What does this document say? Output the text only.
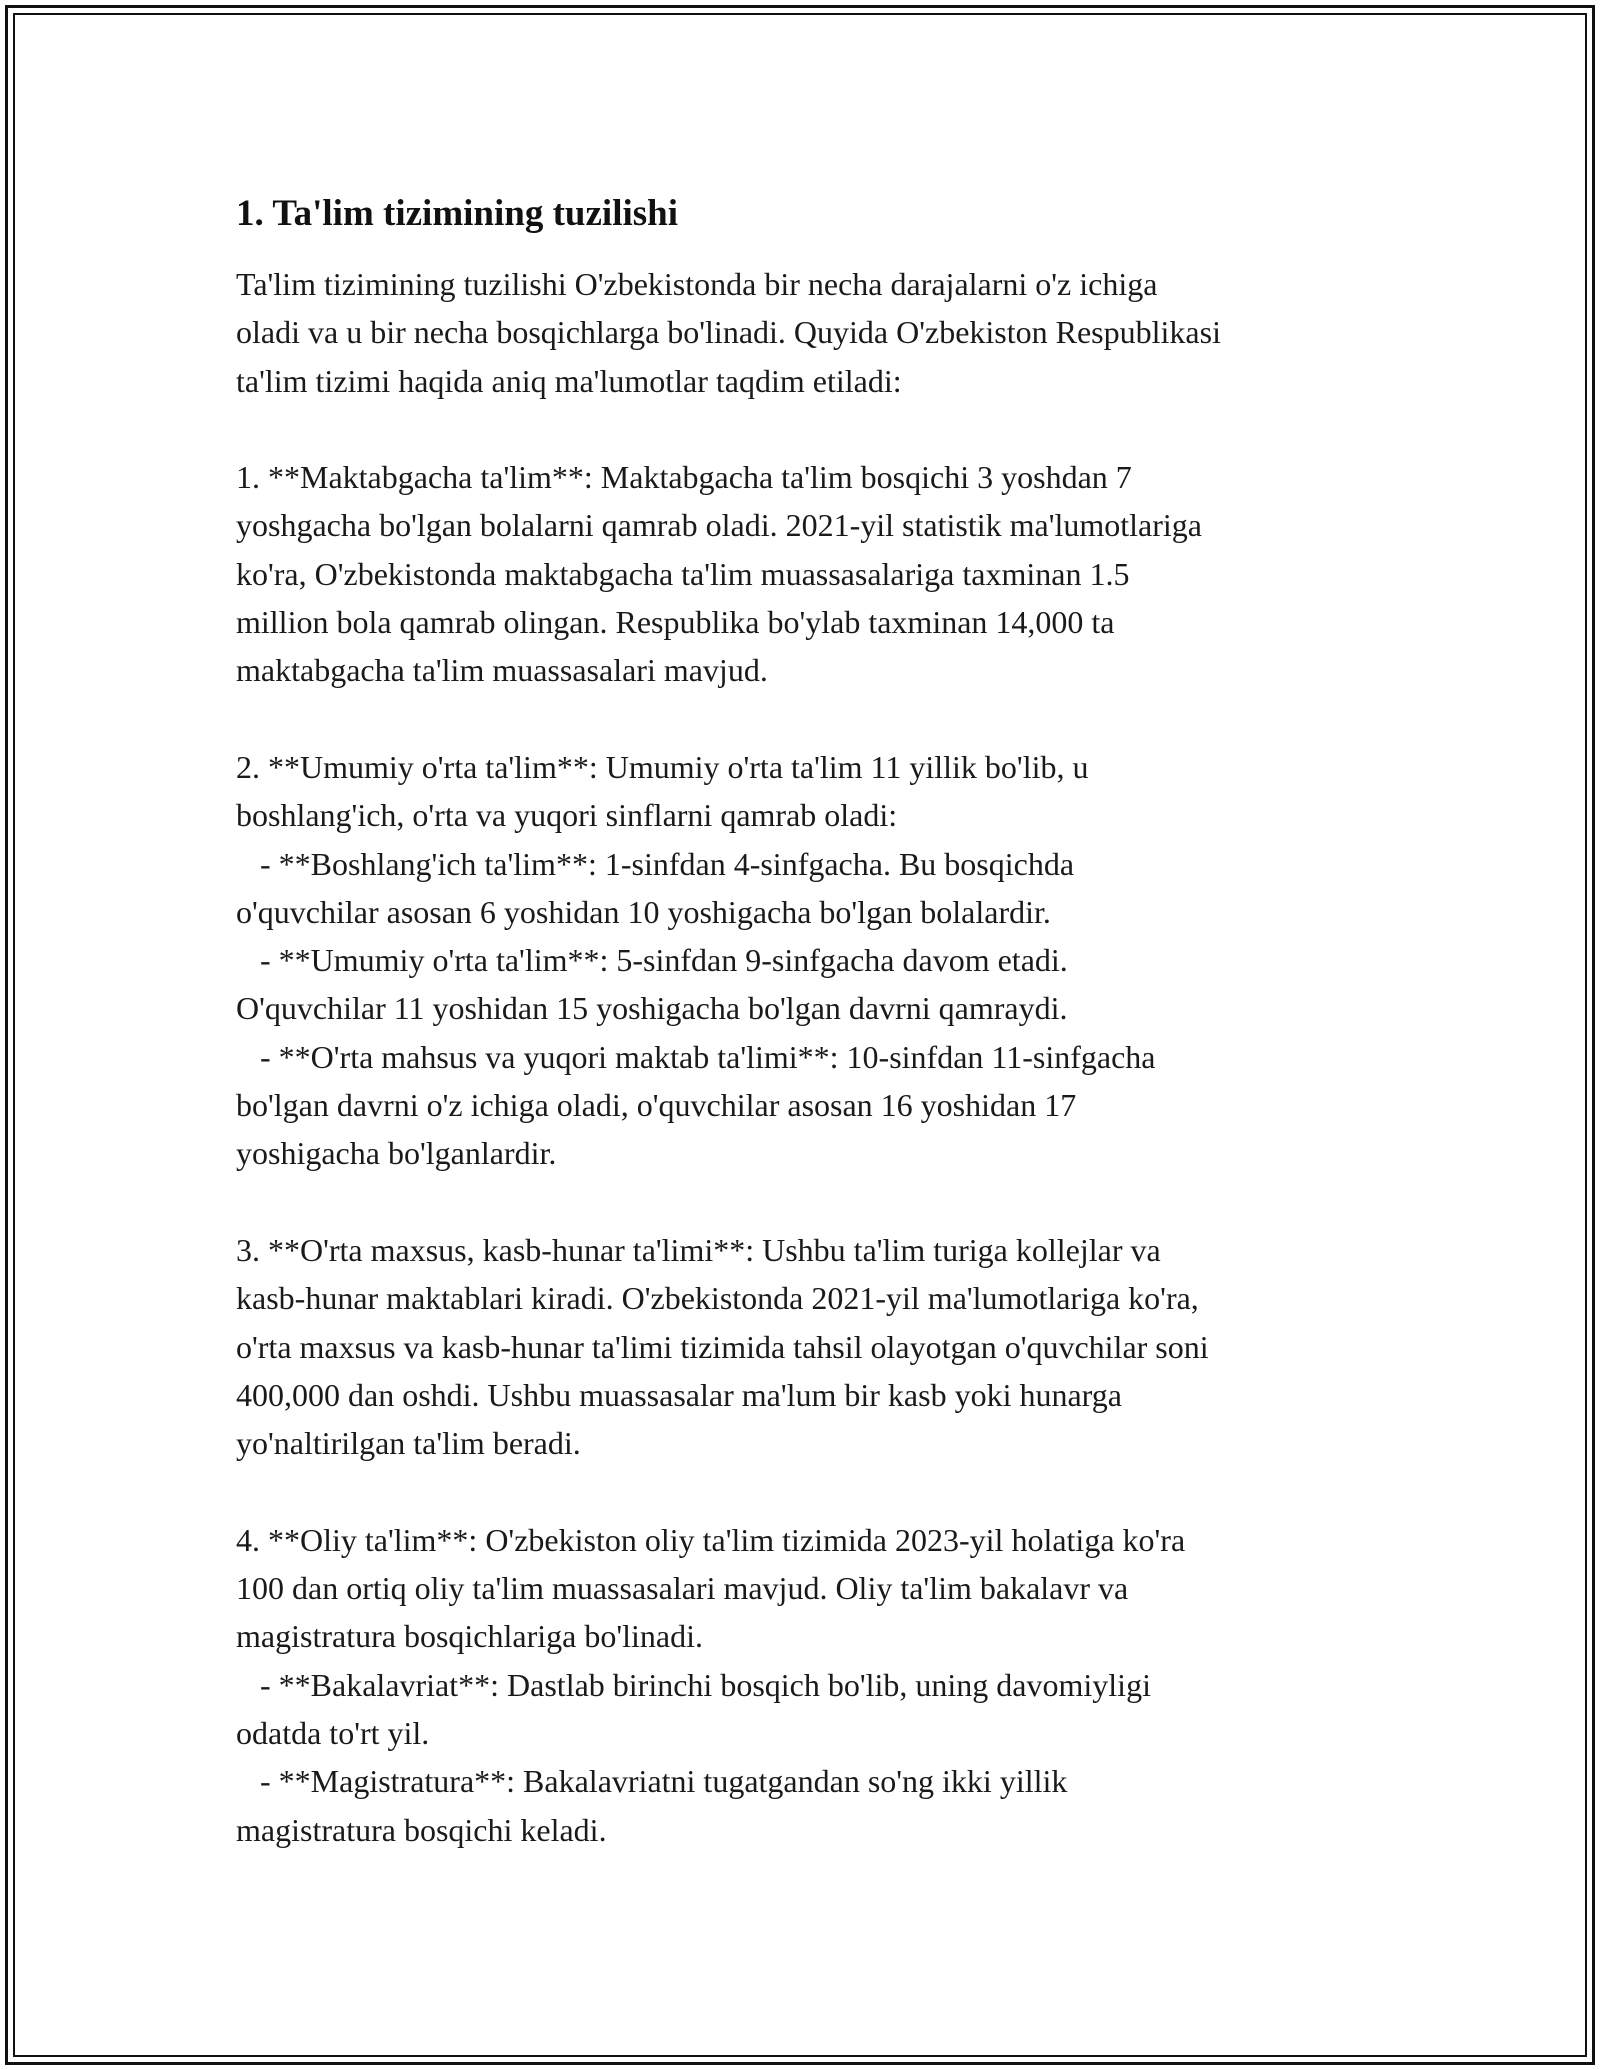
1. Ta'lim tizimining tuzilishi

Ta'lim tizimining tuzilishi O'zbekistonda bir necha darajalarni o'z ichiga
oladi va u bir necha bosqichlarga bo'linadi. Quyida O'zbekiston Respublikasi
ta'lim tizimi haqida aniq ma'lumotlar taqdim etiladi:

1. **Maktabgacha ta'lim**: Maktabgacha ta'lim bosqichi 3 yoshdan 7
yoshgacha bo'lgan bolalarni qamrab oladi. 2021-yil statistik ma'lumotlariga
ko'ra, O'zbekistonda maktabgacha ta'lim muassasalariga taxminan 1.5
million bola qamrab olingan. Respublika bo'ylab taxminan 14,000 ta
maktabgacha ta'lim muassasalari mavjud.

2. **Umumiy o'rta ta'lim**: Umumiy o'rta ta'lim 11 yillik bo'lib, u
boshlang'ich, o'rta va yuqori sinflarni qamrab oladi:
- **Boshlang'ich ta'lim**: 1-sinfdan 4-sinfgacha. Bu bosqichda
o'quvchilar asosan 6 yoshidan 10 yoshigacha bo'lgan bolalardir.
- **Umumiy o'rta ta'lim**: 5-sinfdan 9-sinfgacha davom etadi.
O'quvchilar 11 yoshidan 15 yoshigacha bo'lgan davrni qamraydi.
- **O'rta mahsus va yuqori maktab ta'limi**: 10-sinfdan 11-sinfgacha
bo'lgan davrni o'z ichiga oladi, o'quvchilar asosan 16 yoshidan 17
yoshigacha bo'lganlardir.

3. **O'rta maxsus, kasb-hunar ta'limi**: Ushbu ta'lim turiga kollejlar va
kasb-hunar maktablari kiradi. O'zbekistonda 2021-yil ma'lumotlariga ko'ra,
o'rta maxsus va kasb-hunar ta'limi tizimida tahsil olayotgan o'quvchilar soni
400,000 dan oshdi. Ushbu muassasalar ma'lum bir kasb yoki hunarga
yo'naltirilgan ta'lim beradi.

4. **Oliy ta'lim**: O'zbekiston oliy ta'lim tizimida 2023-yil holatiga ko'ra
100 dan ortiq oliy ta'lim muassasalari mavjud. Oliy ta'lim bakalavr va
magistratura bosqichlariga bo'linadi.
- **Bakalavriat**: Dastlab birinchi bosqich bo'lib, uning davomiyligi
odatda to'rt yil.
- **Magistratura**: Bakalavriatni tugatgandan so'ng ikki yillik
magistratura bosqichi keladi.
